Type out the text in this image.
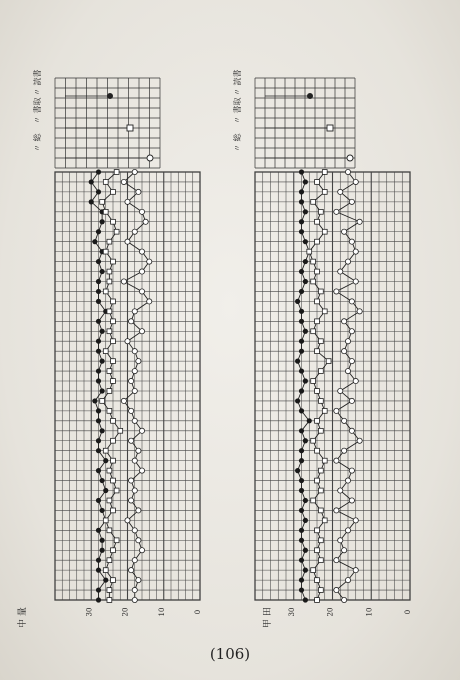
〃 読書
〃 書取
〃 総
0
10
20
30
中 量
〃 読書
〃 書取
〃 総
0
10
20
30
甲 田
(106)
